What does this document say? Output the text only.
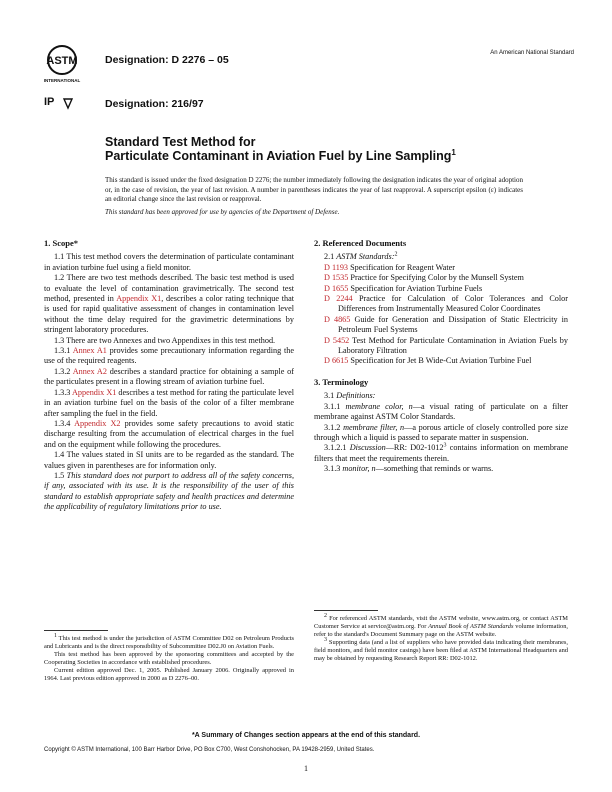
ASTM
INTERNATIONAL
IP
Designation: D 2276 – 05
Designation: 216/97
An American National Standard
Standard Test Method for
Particulate Contaminant in Aviation Fuel by Line Sampling$^1$
This standard is issued under the fixed designation D 2276; the number immediately following the designation indicates the year of original adoption or, in the case of revision, the year of last revision. A number in parentheses indicates the year of last reapproval. A superscript epsilon (ε) indicates an editorial change since the last revision or reapproval.
This standard has been approved for use by agencies of the Department of Defense.
1. Scope*

1.1 This test method covers the determination of particulate contaminant in aviation turbine fuel using a field monitor.

1.2 There are two test methods described. The basic test method is used to evaluate the level of contamination gravimetrically. The second test method, presented in Appendix X1, describes a color rating technique that is used for rapid qualitative assessment of changes in contamination level without the time delay required for the gravimetric determinations by stringent laboratory procedures.

1.3 There are two Annexes and two Appendixes in this test method.

1.3.1 Annex A1 provides some precautionary information regarding the use of the required reagents.

1.3.2 Annex A2 describes a standard practice for obtaining a sample of the particulates present in a flowing stream of aviation turbine fuel.

1.3.3 Appendix X1 describes a test method for rating the particulate level in an aviation turbine fuel on the basis of the color of a filter membrane after sampling the fuel in the field.

1.3.4 Appendix X2 provides some safety precautions to avoid static discharge resulting from the accumulation of electrical charges in the fuel and on the equipment while following the procedures.

1.4 The values stated in SI units are to be regarded as the standard. The values given in parentheses are for information only.

1.5 This standard does not purport to address all of the safety concerns, if any, associated with its use. It is the responsibility of the user of this standard to establish appropriate safety and health practices and determine the applicability of regulatory limitations prior to use.

$^1$ This test method is under the jurisdiction of ASTM Committee D02 on Petroleum Products and Lubricants and is the direct responsibility of Subcommittee D02.J0 on Aviation Fuels.

This test method has been approved by the sponsoring committees and accepted by the Cooperating Societies in accordance with established procedures.

Current edition approved Dec. 1, 2005. Published January 2006. Originally approved in 1964. Last previous edition approved in 2000 as D 2276–00.

2. Referenced Documents

2.1 ASTM Standards:$^2$

D 1193 Specification for Reagent Water

D 1535 Practice for Specifying Color by the Munsell System

D 1655 Specification for Aviation Turbine Fuels

D 2244 Practice for Calculation of Color Tolerances and Color Differences from Instrumentally Measured Color Coordinates

D 4865 Guide for Generation and Dissipation of Static Electricity in Petroleum Fuel Systems

D 5452 Test Method for Particulate Contamination in Aviation Fuels by Laboratory Filtration

D 6615 Specification for Jet B Wide-Cut Aviation Turbine Fuel

3. Terminology

3.1 Definitions:

3.1.1 membrane color, n—a visual rating of particulate on a filter membrane against ASTM Color Standards.

3.1.2 membrane filter, n—a porous article of closely controlled pore size through which a liquid is passed to separate matter in suspension.

3.1.2.1 Discussion—RR: D02-1012$^3$ contains information on membrane filters that meet the requirements therein.

3.1.3 monitor, n—something that reminds or warns.

$^2$ For referenced ASTM standards, visit the ASTM website, www.astm.org, or contact ASTM Customer Service at service@astm.org. For Annual Book of ASTM Standards volume information, refer to the standard's Document Summary page on the ASTM website.

$^3$ Supporting data (and a list of suppliers who have provided data indicating their membranes, field monitors, and field monitor casings) have been filed at ASTM International Headquarters and may be obtained by requesting Research Report RR: D02-1012.

*A Summary of Changes section appears at the end of this standard.
Copyright © ASTM International, 100 Barr Harbor Drive, PO Box C700, West Conshohocken, PA 19428-2959, United States.
1
